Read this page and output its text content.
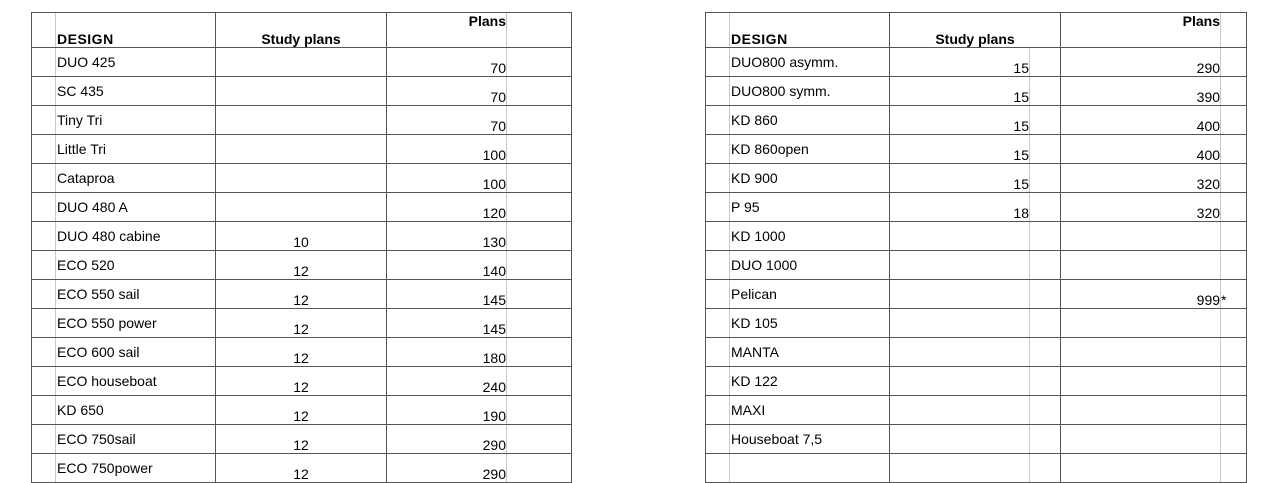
	DESIGN	Study plans	Plans	
	DUO 425		70	
	SC 435		70	
	Tiny Tri		70	
	Little Tri		100	
	Cataproa		100	
	DUO 480 A		120	
	DUO 480 cabine	10	130	
	ECO 520	12	140	
	ECO 550 sail	12	145	
	ECO 550 power	12	145	
	ECO 600 sail	12	180	
	ECO houseboat	12	240	
	KD 650	12	190	
	ECO 750sail	12	290	
	ECO 750power	12	290	
	DESIGN	Study plans		Plans	
	DUO800 asymm.	15		290	
	DUO800 symm.	15		390	
	KD 860	15		400	
	KD 860open	15		400	
	KD 900	15		320	
	P 95	18		320	
	KD 1000				
	DUO 1000				
	Pelican			999	*
	KD 105				
	MANTA				
	KD 122				
	MAXI				
	Houseboat 7,5				
